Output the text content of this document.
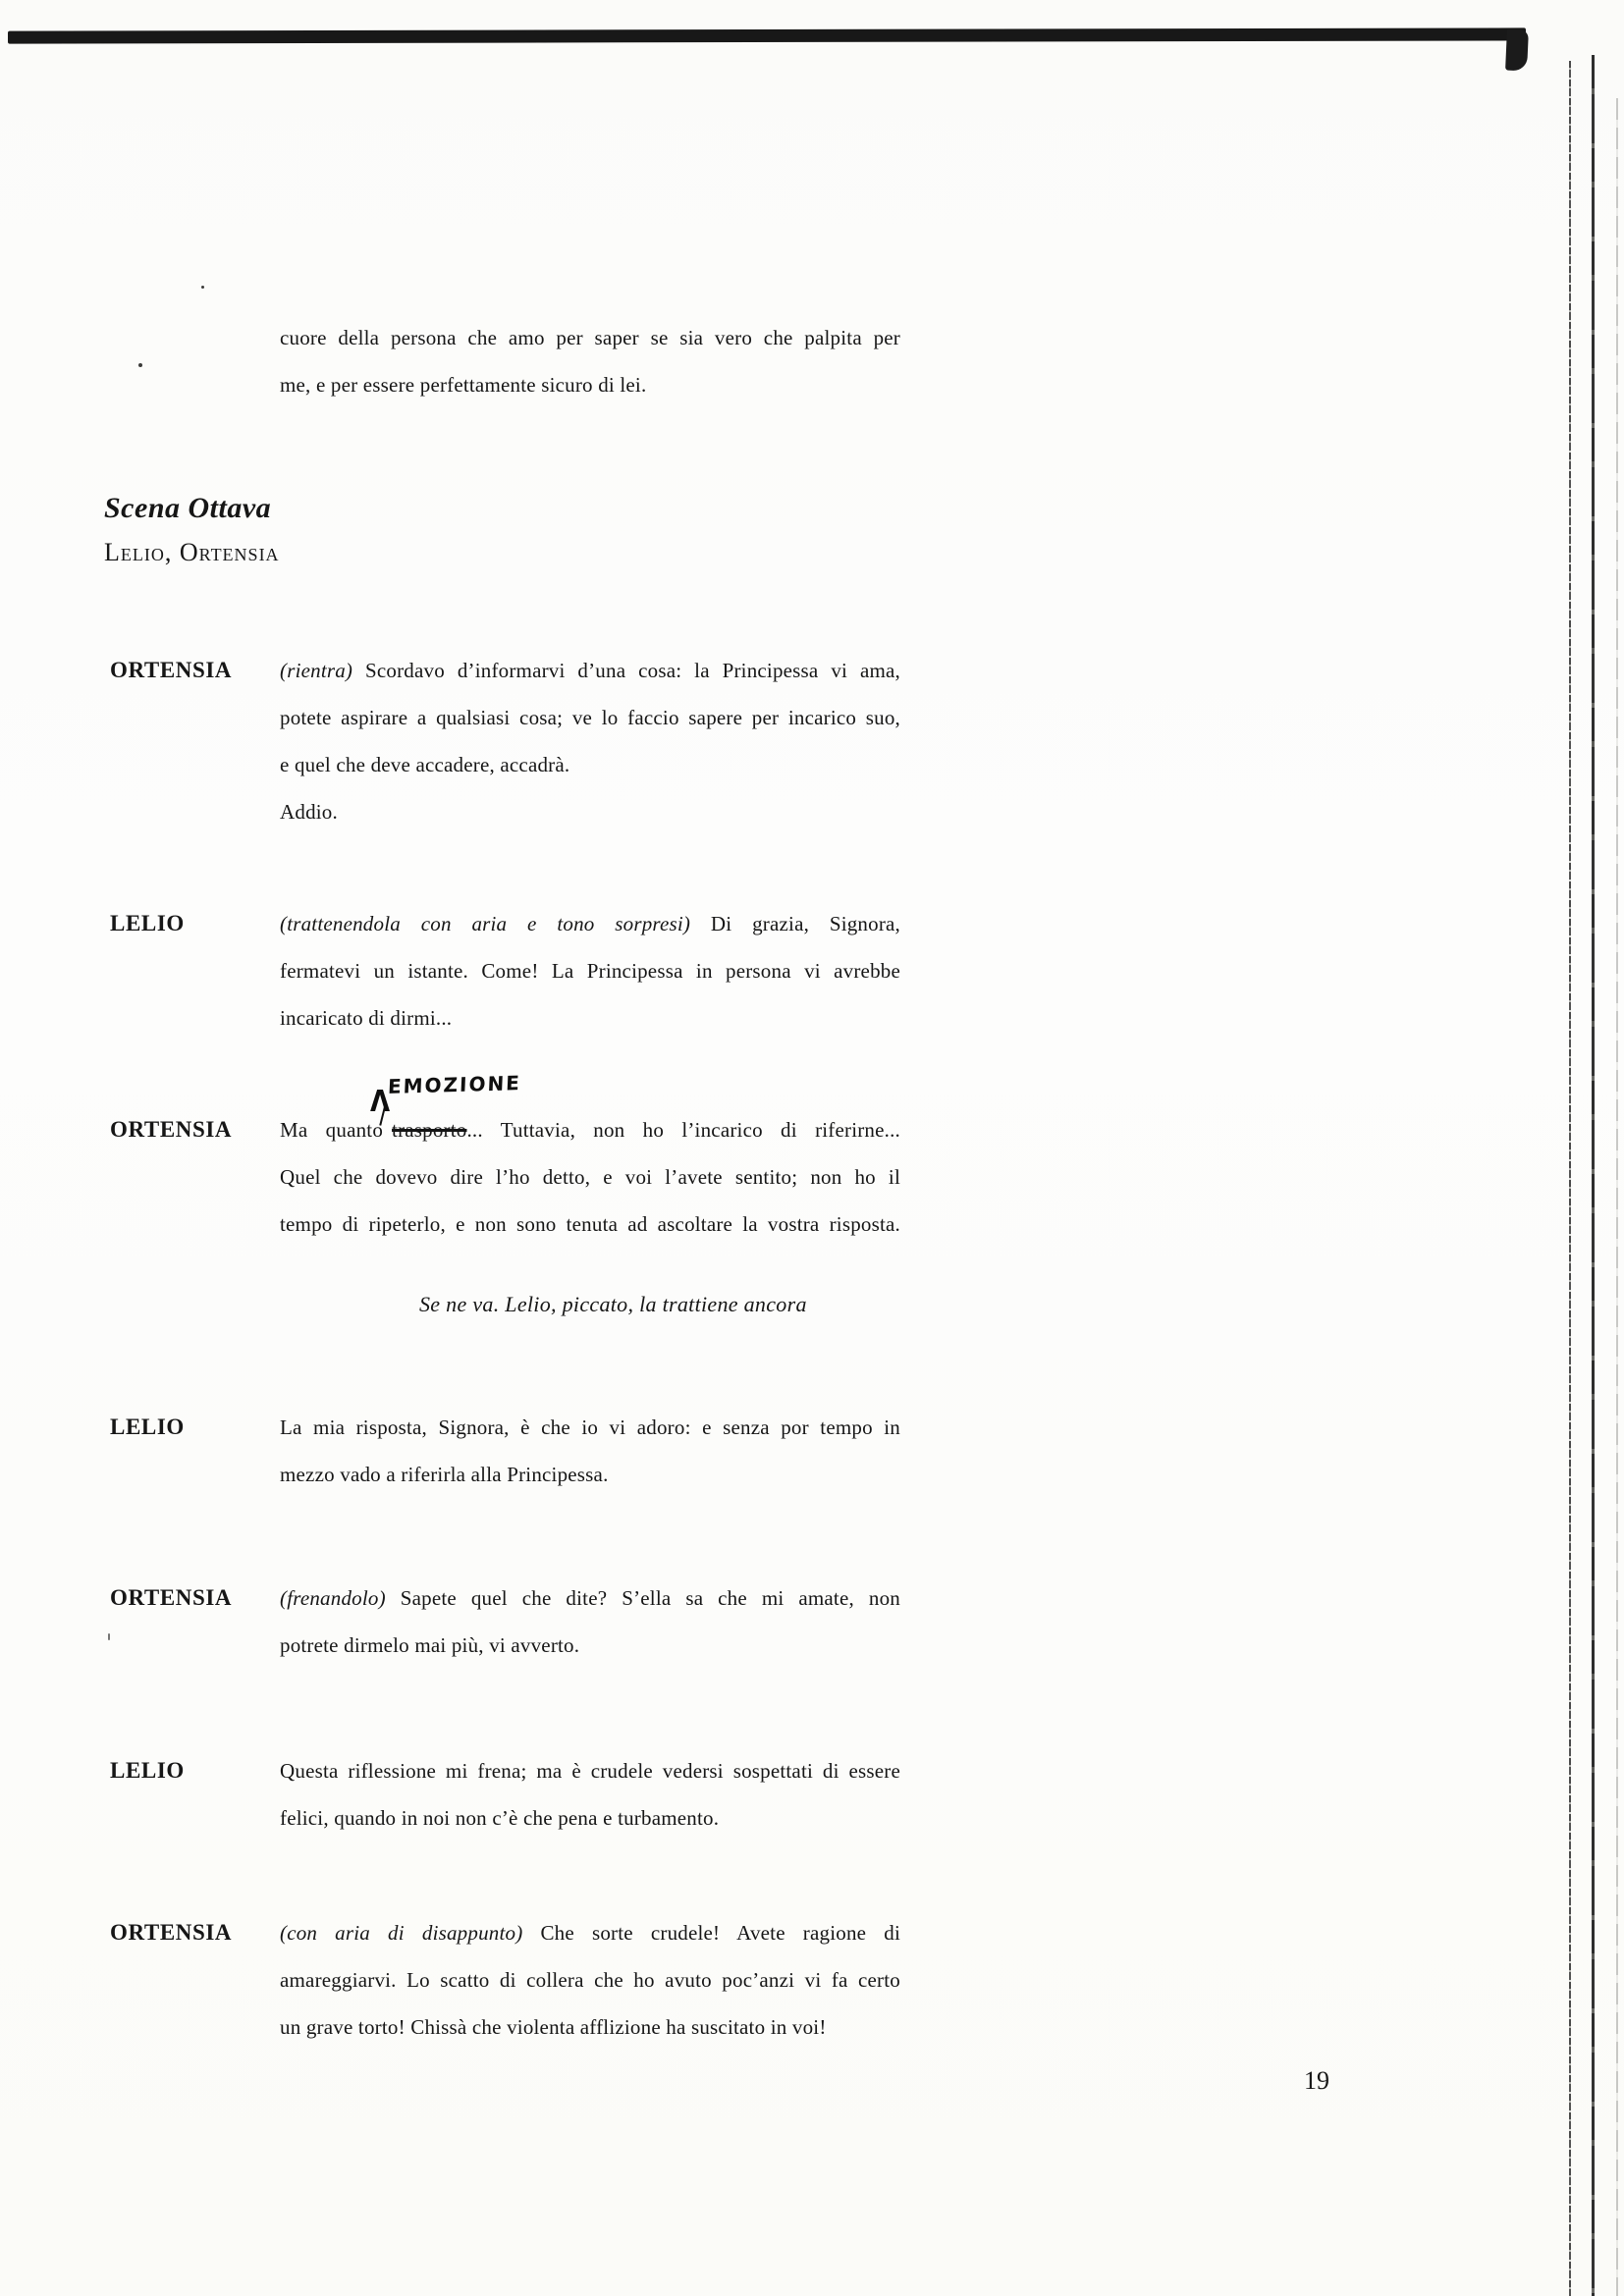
cuore della persona che amo per saper se sia vero che palpita per
me, e per essere perfettamente sicuro di lei.
Scena Ottava
Lelio, Ortensia
ORTENSIA (rientra) Scordavo d’informarvi d’una cosa: la Principessa vi ama,
potete aspirare a qualsiasi cosa; ve lo faccio sapere per incarico suo,
e quel che deve accadere, accadrà.
Addio.
LELIO	(trattenendola con aria e tono sorpresi) Di grazia, Signora,
fermatevi un istante. Come! La Principessa in persona vi avrebbe
incaricato di dirmi...
ORTENSIA Ma quanto
Λ
EMOZIONE
trasporto... Tuttavia, non ho l’incarico di riferirne...
Quel che dovevo dire l’ho detto, e voi l’avete sentito; non ho il
tempo di ripeterlo, e non sono tenuta ad ascoltare la vostra risposta.
Se ne va. Lelio, piccato, la trattiene ancora
LELIO	La mia risposta, Signora, è che io vi adoro: e senza por tempo in
mezzo vado a riferirla alla Principessa.
ORTENSIA (frenandolo) Sapete quel che dite? S’ella sa che mi amate, non
potrete dirmelo mai più, vi avverto.
LELIO	Questa riflessione mi frena; ma è crudele vedersi sospettati di essere
felici, quando in noi non c’è che pena e turbamento.
ORTENSIA (con aria di disappunto) Che sorte crudele! Avete ragione di
amareggiarvi. Lo scatto di collera che ho avuto poc’anzi vi fa certo
un grave torto! Chissà che violenta afflizione ha suscitato in voi!
19
